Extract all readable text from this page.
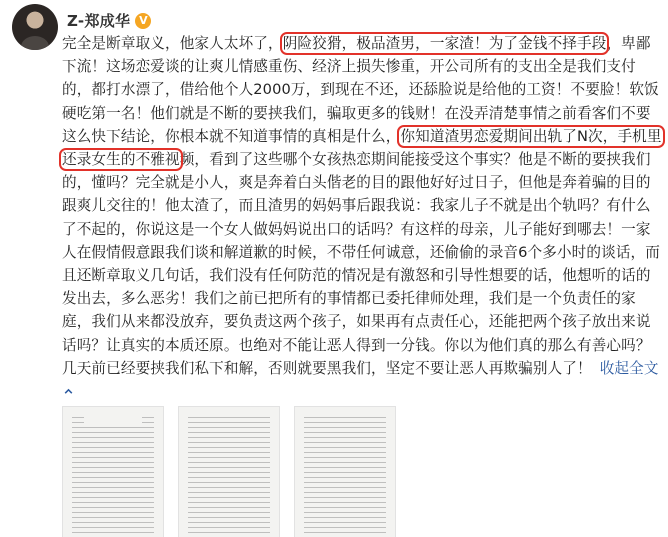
Z-郑成华 V
完全是断章取义，他家人太坏了，阴险狡猾，极品渣男，一家渣！为了金钱不择手段，卑鄙下流！这场恋爱谈的让爽儿情感重伤、经济上损失惨重，开公司所有的支出全是我们支付的，都打水漂了，借给他个人2000万，到现在不还，还舔脸说是给他的工资！不要脸！软饭硬吃第一名！他们就是不断的要挟我们，骗取更多的钱财！在没弄清楚事情之前看客们不要这么快下结论，你根本就不知道事情的真相是什么，你知道渣男恋爱期间出轨了N次，手机里还录女生的不雅视频，看到了这些哪个女孩热恋期间能接受这个事实？他是不断的要挟我们的，懂吗？完全就是小人，爽是奔着白头偕老的目的跟他好好过日子，但他是奔着骗的目的跟爽儿交往的！他太渣了，而且渣男的妈妈事后跟我说：我家儿子不就是出个轨吗？有什么了不起的，你说这是一个女人做妈妈说出口的话吗？有这样的母亲，儿子能好到哪去！一家人在假情假意跟我们谈和解道歉的时候，不带任何诚意，还偷偷的录音6个多小时的谈话，而且还断章取义几句话，我们没有任何防范的情况是有激怒和引导性想要的话，他想听的话的发出去，多么恶劣！我们之前已把所有的事情都已委托律师处理，我们是一个负责任的家庭，我们从来都没放弃，要负责这两个孩子，如果再有点责任心，还能把两个孩子放出来说话吗？让真实的本质还原。也绝对不能让恶人得到一分钱。你以为他们真的那么有善心吗？几天前已经要挟我们私下和解，否则就要黑我们，坚定不要让恶人再欺骗别人了！ 收起全文
